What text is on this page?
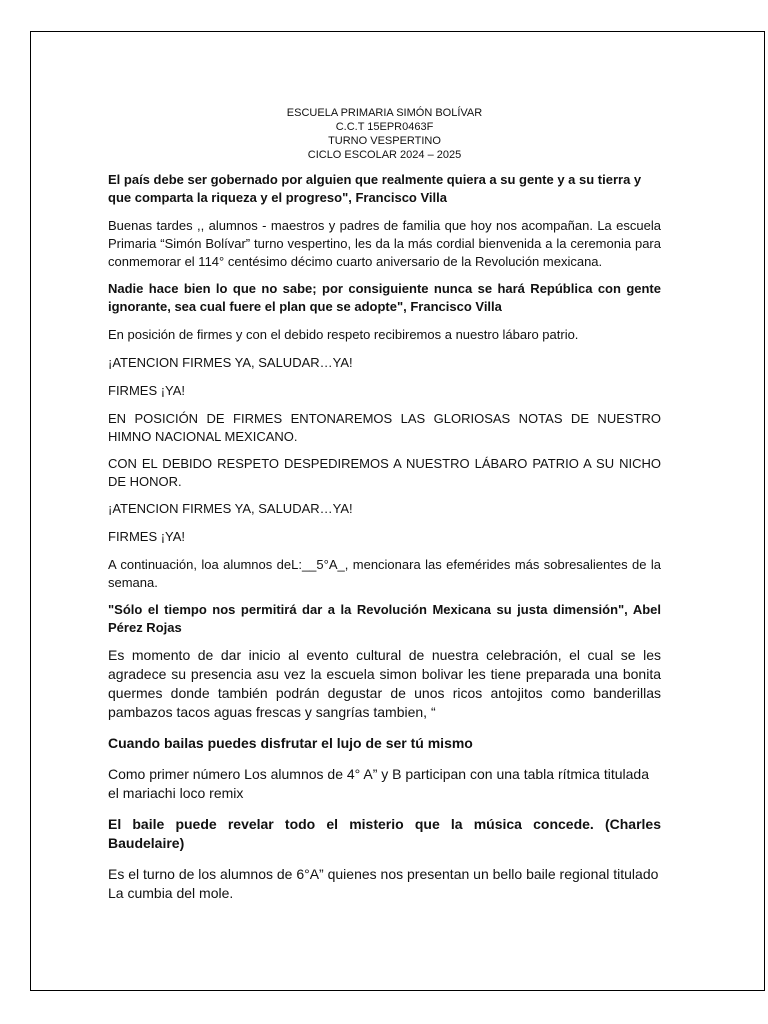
ESCUELA PRIMARIA SIMÓN BOLÍVAR
C.C.T 15EPR0463F
TURNO VESPERTINO
CICLO ESCOLAR 2024 – 2025

El país debe ser gobernado por alguien que realmente quiera a su gente y a su tierra y que comparta la riqueza y el progreso", Francisco Villa

Buenas tardes ,, alumnos - maestros y padres de familia que hoy nos acompañan. La escuela Primaria “Simón Bolívar” turno vespertino, les da la más cordial bienvenida a la ceremonia para conmemorar el 114° centésimo décimo cuarto aniversario de la Revolución mexicana.

Nadie hace bien lo que no sabe; por consiguiente nunca se hará República con gente ignorante, sea cual fuere el plan que se adopte", Francisco Villa

En posición de firmes y con el debido respeto recibiremos a nuestro lábaro patrio.

¡ATENCION FIRMES YA, SALUDAR…YA!

FIRMES ¡YA!

EN POSICIÓN DE FIRMES ENTONAREMOS LAS GLORIOSAS NOTAS DE NUESTRO HIMNO NACIONAL MEXICANO.

CON EL DEBIDO RESPETO DESPEDIREMOS A NUESTRO LÁBARO PATRIO A SU NICHO DE HONOR.

¡ATENCION FIRMES YA, SALUDAR…YA!

FIRMES ¡YA!

A continuación, loa alumnos deL:__5°A_, mencionara las efemérides más sobresalientes de la semana.

"Sólo el tiempo nos permitirá dar a la Revolución Mexicana su justa dimensión", Abel Pérez Rojas

Es momento de dar inicio al evento cultural de nuestra celebración, el cual se les agradece su presencia asu vez la escuela simon bolivar les tiene preparada una bonita quermes donde también podrán degustar de unos ricos antojitos como banderillas pambazos tacos aguas frescas y sangrías tambien, “

Cuando bailas puedes disfrutar el lujo de ser tú mismo

Como primer número Los alumnos de 4° A” y B participan con una tabla rítmica titulada el mariachi loco remix

El baile puede revelar todo el misterio que la música concede. (Charles Baudelaire)

Es el turno de los alumnos de 6°A” quienes nos presentan un bello baile regional titulado La cumbia del mole.
